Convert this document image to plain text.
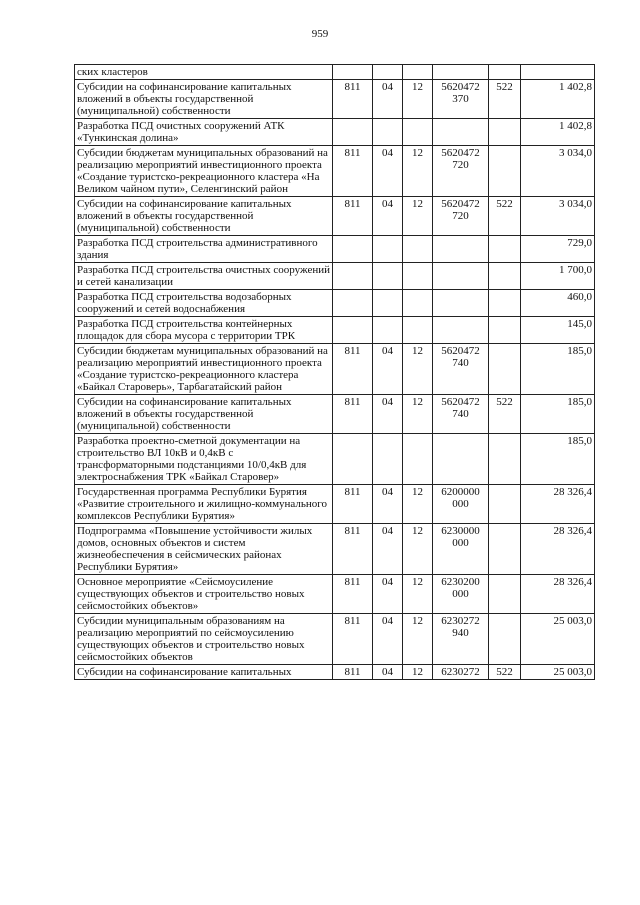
959
ских кластеров						
Субсидии на софинансирование капитальных вложений в объекты государственной (муниципальной) собственности	811	04	12	5620472 370	522	1 402,8
Разработка ПСД очистных сооружений АТК «Тункинская долина»						1 402,8
Субсидии бюджетам муниципальных образований на реализацию мероприятий инвестиционного проекта «Создание туристско-рекреационного кластера «На Великом чайном пути», Селенгинский район	811	04	12	5620472 720		3 034,0
Субсидии на софинансирование капитальных вложений в объекты государственной (муниципальной) собственности	811	04	12	5620472 720	522	3 034,0
Разработка ПСД строительства административного здания						729,0
Разработка ПСД строительства очистных сооружений и сетей канализации						1 700,0
Разработка ПСД строительства водозаборных сооружений и сетей водоснабжения						460,0
Разработка ПСД строительства контейнерных площадок для сбора мусора с территории ТРК						145,0
Субсидии бюджетам муниципальных образований на реализацию мероприятий инвестиционного проекта «Создание туристско-рекреационного кластера «Байкал Староверь», Тарбагатайский район	811	04	12	5620472 740		185,0
Субсидии на софинансирование капитальных вложений в объекты государственной (муниципальной) собственности	811	04	12	5620472 740	522	185,0
Разработка проектно-сметной документации на строительство ВЛ 10кВ и 0,4кВ с трансформаторными подстанциями 10/0,4кВ для электроснабжения ТРК «Байкал Старовер»						185,0
Государственная программа Республики Бурятия «Развитие строительного и жилищно-коммунального комплексов Республики Бурятия»	811	04	12	6200000 000		28 326,4
Подпрограмма «Повышение устойчивости жилых домов, основных объектов и систем жизнеобеспечения в сейсмических районах Республики Бурятия»	811	04	12	6230000 000		28 326,4
Основное мероприятие «Сейсмоусиление существующих объектов и строительство новых сейсмостойких объектов»	811	04	12	6230200 000		28 326,4
Субсидии муниципальным образованиям на реализацию мероприятий по сейсмоусилению существующих объектов и строительство новых сейсмостойких объектов	811	04	12	6230272 940		25 003,0
Субсидии на софинансирование капитальных	811	04	12	6230272	522	25 003,0
